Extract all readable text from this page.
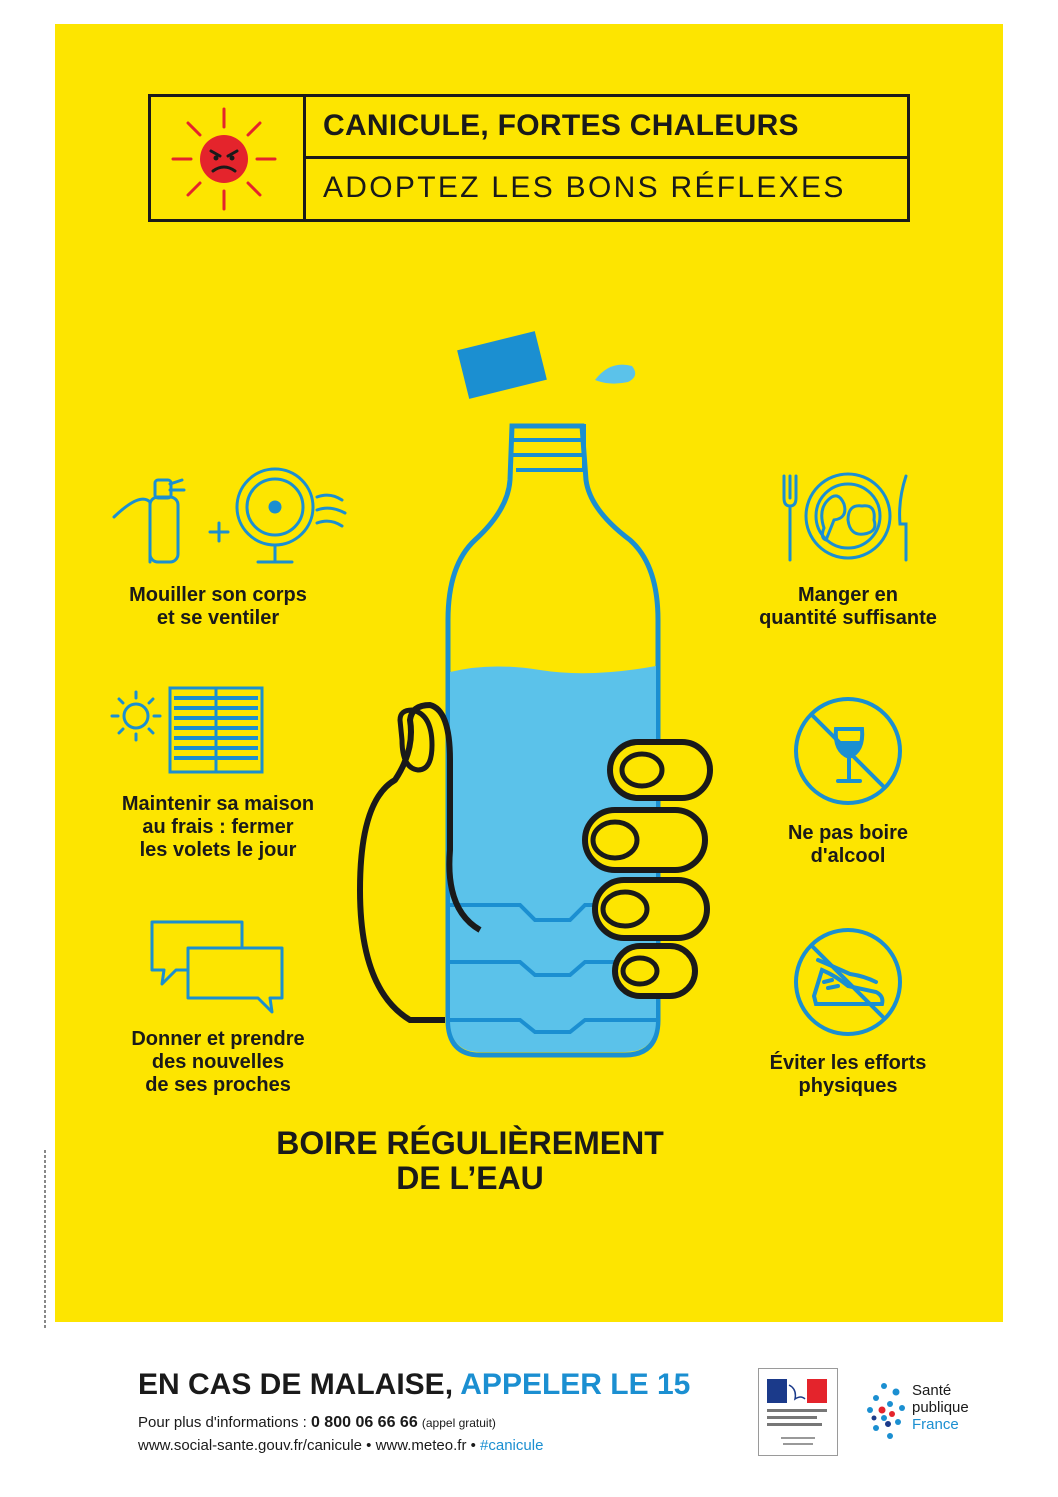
CANICULE, FORTES CHALEURS
ADOPTEZ LES BONS RÉFLEXES
Mouiller son corps
et se ventiler
Maintenir sa maison
au frais : fermer
les volets le jour
Donner et prendre
des nouvelles
de ses proches
Manger en
quantité suffisante
Ne pas boire
d'alcool
Éviter les efforts
physiques
BOIRE RÉGULIÈREMENT
DE L’EAU
EN CAS DE MALAISE, APPELER LE 15
Pour plus d'informations : 0 800 06 66 66 (appel gratuit)
www.social-sante.gouv.fr/canicule • www.meteo.fr • #canicule
Santé
publique
France
